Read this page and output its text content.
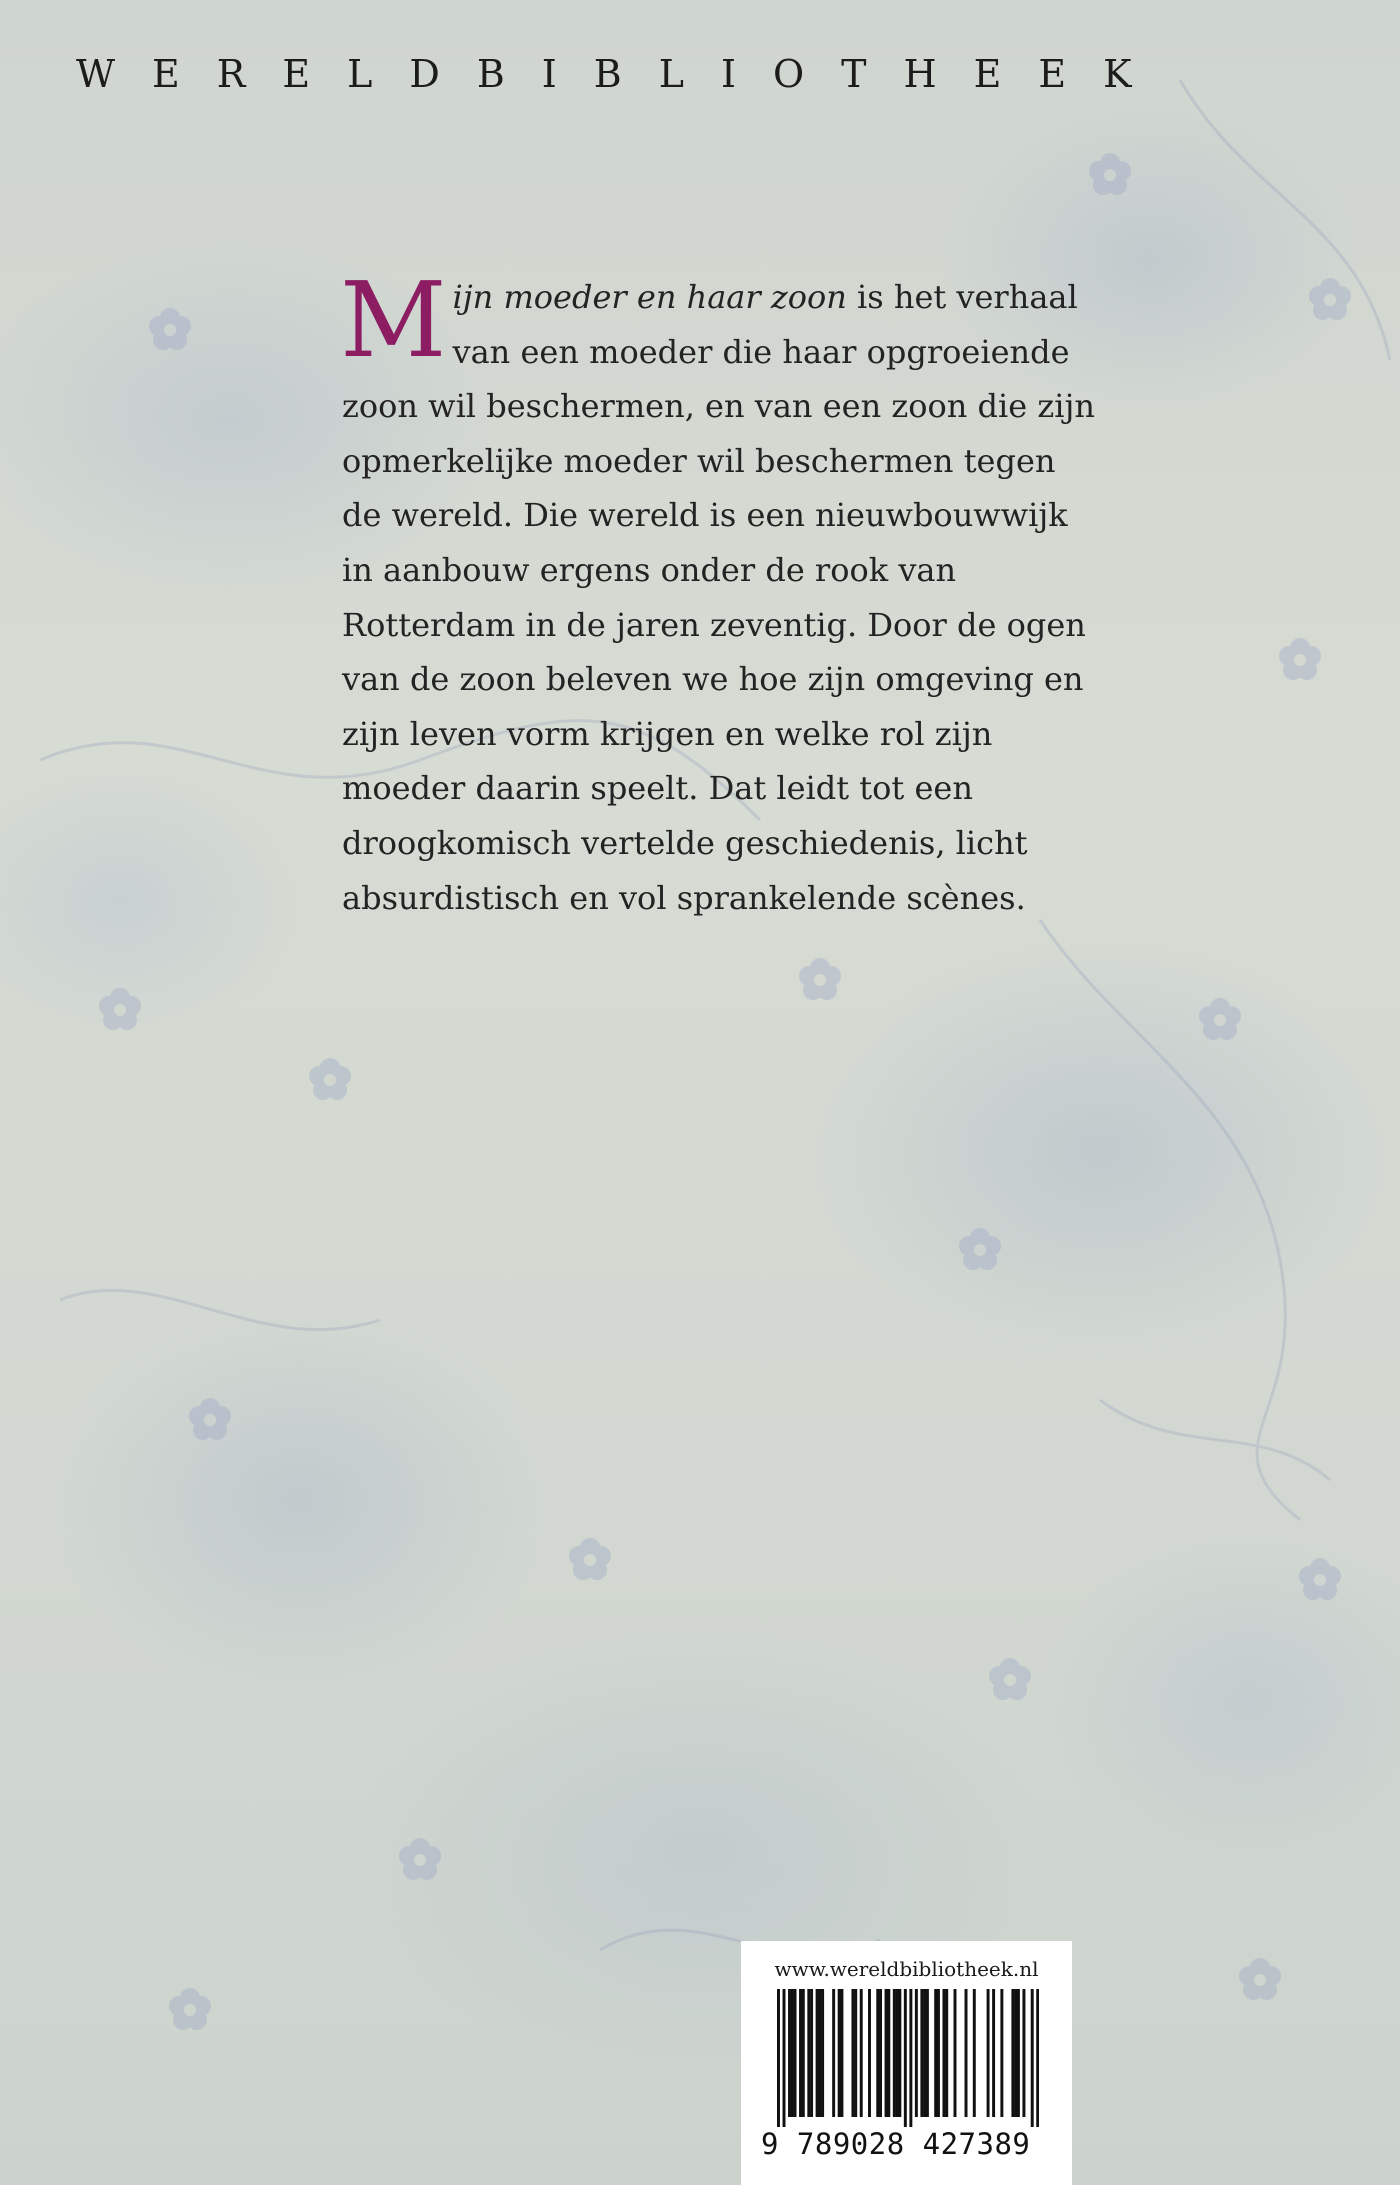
WERELDBIBLIOTHEEK
Mijn moeder en haar zoon is het verhaal van een moeder die haar opgroeiende zoon wil beschermen, en van een zoon die zijn opmerkelijke moeder wil beschermen tegen de wereld. Die wereld is een nieuwbouwwijk in aanbouw ergens onder de rook van Rotterdam in de jaren zeventig. Door de ogen van de zoon beleven we hoe zijn omgeving en zijn leven vorm krijgen en welke rol zijn moeder daarin speelt. Dat leidt tot een droogkomisch vertelde geschiedenis, licht absurdistisch en vol sprankelende scènes.
www.wereldbibliotheek.nl
9 789028 427389
